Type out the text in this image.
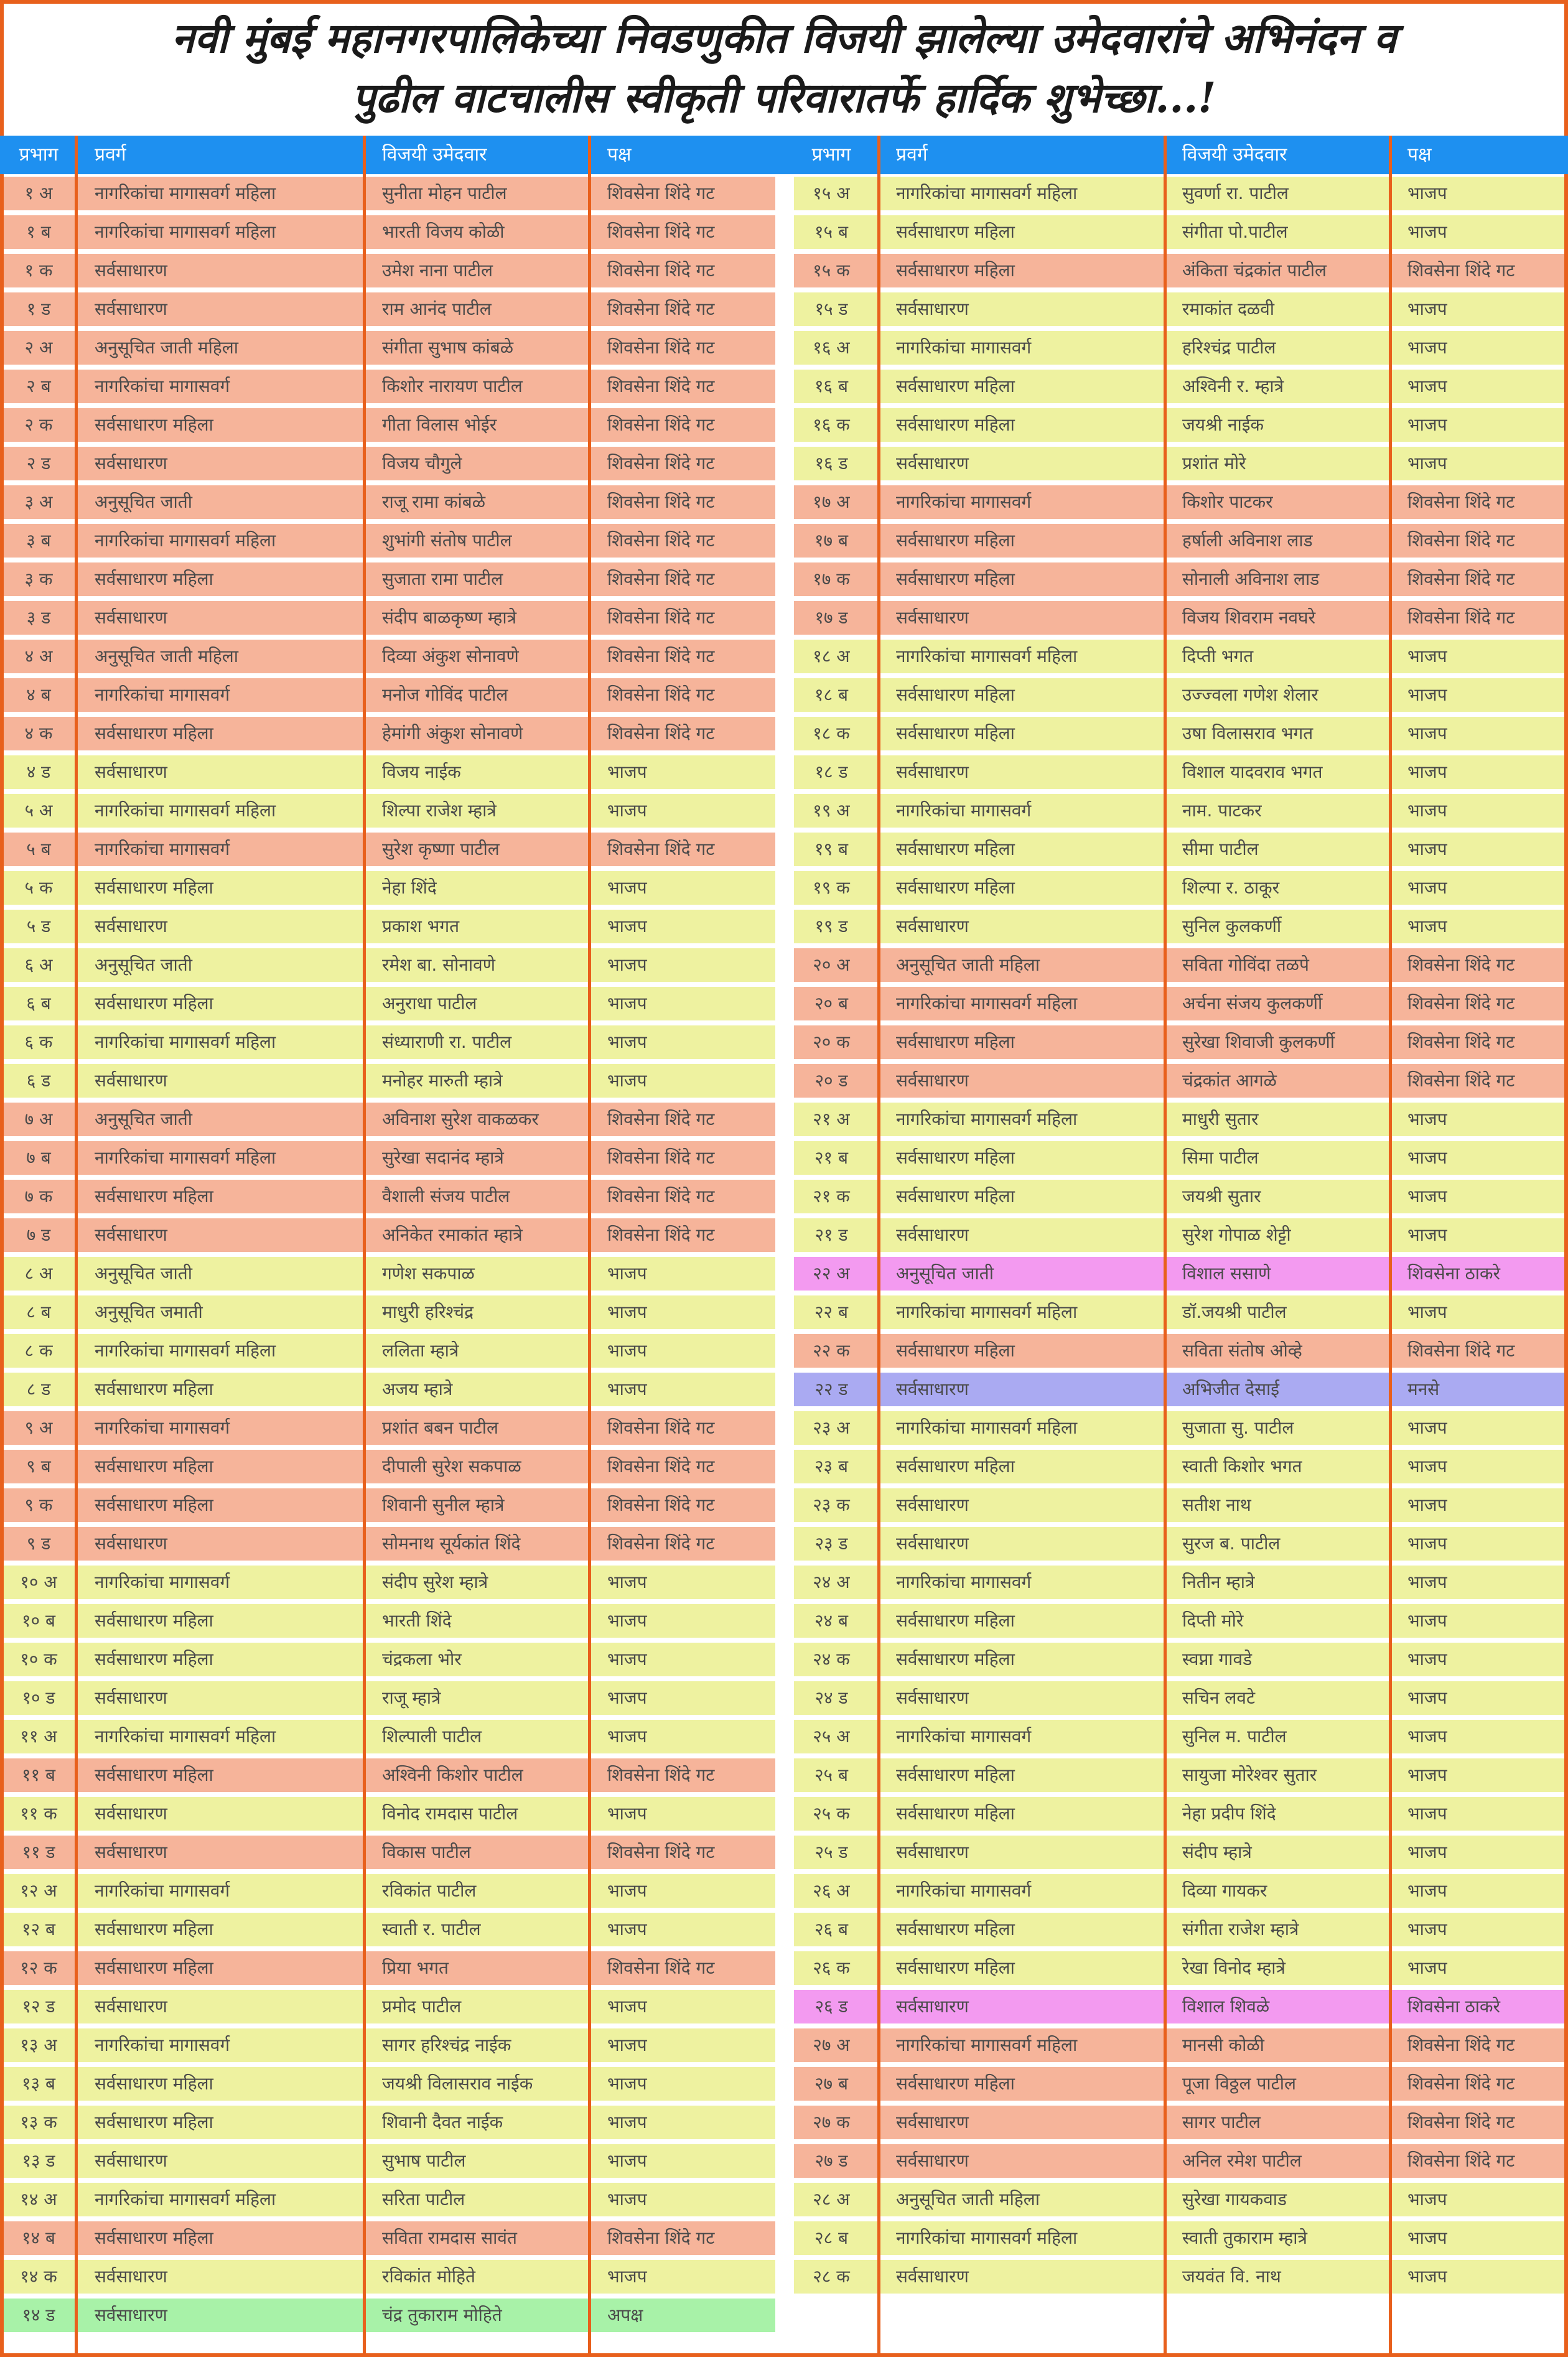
नवी मुंबई महानगरपालिकेच्या निवडणुकीत विजयी झालेल्या उमेदवारांचे अभिनंदन व
पुढील वाटचालीस स्वीकृती परिवारातर्फे हार्दिक शुभेच्छा...!
प्रभाग	प्रवर्ग	विजयी उमेदवार	पक्ष	प्रभाग	प्रवर्ग	विजयी उमेदवार	पक्ष
१ अ	नागरिकांचा मागासवर्ग महिला	सुनीता मोहन पाटील	शिवसेना शिंदे गट
१ ब	नागरिकांचा मागासवर्ग महिला	भारती विजय कोळी	शिवसेना शिंदे गट
१ क	सर्वसाधारण	उमेश नाना पाटील	शिवसेना शिंदे गट
१ ड	सर्वसाधारण	राम आनंद पाटील	शिवसेना शिंदे गट
२ अ	अनुसूचित जाती महिला	संगीता सुभाष कांबळे	शिवसेना शिंदे गट
२ ब	नागरिकांचा मागासवर्ग	किशोर नारायण पाटील	शिवसेना शिंदे गट
२ क	सर्वसाधारण महिला	गीता विलास भोईर	शिवसेना शिंदे गट
२ ड	सर्वसाधारण	विजय चौगुले	शिवसेना शिंदे गट
३ अ	अनुसूचित जाती	राजू रामा कांबळे	शिवसेना शिंदे गट
३ ब	नागरिकांचा मागासवर्ग महिला	शुभांगी संतोष पाटील	शिवसेना शिंदे गट
३ क	सर्वसाधारण महिला	सुजाता रामा पाटील	शिवसेना शिंदे गट
३ ड	सर्वसाधारण	संदीप बाळकृष्ण म्हात्रे	शिवसेना शिंदे गट
४ अ	अनुसूचित जाती महिला	दिव्या अंकुश सोनावणे	शिवसेना शिंदे गट
४ ब	नागरिकांचा मागासवर्ग	मनोज गोविंद पाटील	शिवसेना शिंदे गट
४ क	सर्वसाधारण महिला	हेमांगी अंकुश सोनावणे	शिवसेना शिंदे गट
४ ड	सर्वसाधारण	विजय नाईक	भाजप
५ अ	नागरिकांचा मागासवर्ग महिला	शिल्पा राजेश म्हात्रे	भाजप
५ ब	नागरिकांचा मागासवर्ग	सुरेश कृष्णा पाटील	शिवसेना शिंदे गट
५ क	सर्वसाधारण महिला	नेहा शिंदे	भाजप
५ ड	सर्वसाधारण	प्रकाश भगत	भाजप
६ अ	अनुसूचित जाती	रमेश बा. सोनावणे	भाजप
६ ब	सर्वसाधारण महिला	अनुराधा पाटील	भाजप
६ क	नागरिकांचा मागासवर्ग महिला	संध्याराणी रा. पाटील	भाजप
६ ड	सर्वसाधारण	मनोहर मारुती म्हात्रे	भाजप
७ अ	अनुसूचित जाती	अविनाश सुरेश वाकळकर	शिवसेना शिंदे गट
७ ब	नागरिकांचा मागासवर्ग महिला	सुरेखा सदानंद म्हात्रे	शिवसेना शिंदे गट
७ क	सर्वसाधारण महिला	वैशाली संजय पाटील	शिवसेना शिंदे गट
७ ड	सर्वसाधारण	अनिकेत रमाकांत म्हात्रे	शिवसेना शिंदे गट
८ अ	अनुसूचित जाती	गणेश सकपाळ	भाजप
८ ब	अनुसूचित जमाती	माधुरी हरिश्चंद्र	भाजप
८ क	नागरिकांचा मागासवर्ग महिला	ललिता म्हात्रे	भाजप
८ ड	सर्वसाधारण महिला	अजय म्हात्रे	भाजप
९ अ	नागरिकांचा मागासवर्ग	प्रशांत बबन पाटील	शिवसेना शिंदे गट
९ ब	सर्वसाधारण महिला	दीपाली सुरेश सकपाळ	शिवसेना शिंदे गट
९ क	सर्वसाधारण महिला	शिवानी सुनील म्हात्रे	शिवसेना शिंदे गट
९ ड	सर्वसाधारण	सोमनाथ सूर्यकांत शिंदे	शिवसेना शिंदे गट
१० अ	नागरिकांचा मागासवर्ग	संदीप सुरेश म्हात्रे	भाजप
१० ब	सर्वसाधारण महिला	भारती शिंदे	भाजप
१० क	सर्वसाधारण महिला	चंद्रकला भोर	भाजप
१० ड	सर्वसाधारण	राजू म्हात्रे	भाजप
११ अ	नागरिकांचा मागासवर्ग महिला	शिल्पाली पाटील	भाजप
११ ब	सर्वसाधारण महिला	अश्विनी किशोर पाटील	शिवसेना शिंदे गट
११ क	सर्वसाधारण	विनोद रामदास पाटील	भाजप
११ ड	सर्वसाधारण	विकास पाटील	शिवसेना शिंदे गट
१२ अ	नागरिकांचा मागासवर्ग	रविकांत पाटील	भाजप
१२ ब	सर्वसाधारण महिला	स्वाती र. पाटील	भाजप
१२ क	सर्वसाधारण महिला	प्रिया भगत	शिवसेना शिंदे गट
१२ ड	सर्वसाधारण	प्रमोद पाटील	भाजप
१३ अ	नागरिकांचा मागासवर्ग	सागर हरिश्चंद्र नाईक	भाजप
१३ ब	सर्वसाधारण महिला	जयश्री विलासराव नाईक	भाजप
१३ क	सर्वसाधारण महिला	शिवानी दैवत नाईक	भाजप
१३ ड	सर्वसाधारण	सुभाष पाटील	भाजप
१४ अ	नागरिकांचा मागासवर्ग महिला	सरिता पाटील	भाजप
१४ ब	सर्वसाधारण महिला	सविता रामदास सावंत	शिवसेना शिंदे गट
१४ क	सर्वसाधारण	रविकांत मोहिते	भाजप
१४ ड	सर्वसाधारण	चंद्र तुकाराम मोहिते	अपक्ष
१५ अ	नागरिकांचा मागासवर्ग महिला	सुवर्णा रा. पाटील	भाजप
१५ ब	सर्वसाधारण महिला	संगीता पो.पाटील	भाजप
१५ क	सर्वसाधारण महिला	अंकिता चंद्रकांत पाटील	शिवसेना शिंदे गट
१५ ड	सर्वसाधारण	रमाकांत दळवी	भाजप
१६ अ	नागरिकांचा मागासवर्ग	हरिश्चंद्र पाटील	भाजप
१६ ब	सर्वसाधारण महिला	अश्विनी र. म्हात्रे	भाजप
१६ क	सर्वसाधारण महिला	जयश्री नाईक	भाजप
१६ ड	सर्वसाधारण	प्रशांत मोरे	भाजप
१७ अ	नागरिकांचा मागासवर्ग	किशोर पाटकर	शिवसेना शिंदे गट
१७ ब	सर्वसाधारण महिला	हर्षाली अविनाश लाड	शिवसेना शिंदे गट
१७ क	सर्वसाधारण महिला	सोनाली अविनाश लाड	शिवसेना शिंदे गट
१७ ड	सर्वसाधारण	विजय शिवराम नवघरे	शिवसेना शिंदे गट
१८ अ	नागरिकांचा मागासवर्ग महिला	दिप्ती भगत	भाजप
१८ ब	सर्वसाधारण महिला	उज्ज्वला गणेश शेलार	भाजप
१८ क	सर्वसाधारण महिला	उषा विलासराव भगत	भाजप
१८ ड	सर्वसाधारण	विशाल यादवराव भगत	भाजप
१९ अ	नागरिकांचा मागासवर्ग	नाम. पाटकर	भाजप
१९ ब	सर्वसाधारण महिला	सीमा पाटील	भाजप
१९ क	सर्वसाधारण महिला	शिल्पा र. ठाकूर	भाजप
१९ ड	सर्वसाधारण	सुनिल कुलकर्णी	भाजप
२० अ	अनुसूचित जाती महिला	सविता गोविंदा तळपे	शिवसेना शिंदे गट
२० ब	नागरिकांचा मागासवर्ग महिला	अर्चना संजय कुलकर्णी	शिवसेना शिंदे गट
२० क	सर्वसाधारण महिला	सुरेखा शिवाजी कुलकर्णी	शिवसेना शिंदे गट
२० ड	सर्वसाधारण	चंद्रकांत आगळे	शिवसेना शिंदे गट
२१ अ	नागरिकांचा मागासवर्ग महिला	माधुरी सुतार	भाजप
२१ ब	सर्वसाधारण महिला	सिमा पाटील	भाजप
२१ क	सर्वसाधारण महिला	जयश्री सुतार	भाजप
२१ ड	सर्वसाधारण	सुरेश गोपाळ शेट्टी	भाजप
२२ अ	अनुसूचित जाती	विशाल ससाणे	शिवसेना ठाकरे
२२ ब	नागरिकांचा मागासवर्ग महिला	डॉ.जयश्री पाटील	भाजप
२२ क	सर्वसाधारण महिला	सविता संतोष ओव्हे	शिवसेना शिंदे गट
२२ ड	सर्वसाधारण	अभिजीत देसाई	मनसे
२३ अ	नागरिकांचा मागासवर्ग महिला	सुजाता सु. पाटील	भाजप
२३ ब	सर्वसाधारण महिला	स्वाती किशोर भगत	भाजप
२३ क	सर्वसाधारण	सतीश नाथ	भाजप
२३ ड	सर्वसाधारण	सुरज ब. पाटील	भाजप
२४ अ	नागरिकांचा मागासवर्ग	नितीन म्हात्रे	भाजप
२४ ब	सर्वसाधारण महिला	दिप्ती मोरे	भाजप
२४ क	सर्वसाधारण महिला	स्वप्ना गावडे	भाजप
२४ ड	सर्वसाधारण	सचिन लवटे	भाजप
२५ अ	नागरिकांचा मागासवर्ग	सुनिल म. पाटील	भाजप
२५ ब	सर्वसाधारण महिला	सायुजा मोरेश्वर सुतार	भाजप
२५ क	सर्वसाधारण महिला	नेहा प्रदीप शिंदे	भाजप
२५ ड	सर्वसाधारण	संदीप म्हात्रे	भाजप
२६ अ	नागरिकांचा मागासवर्ग	दिव्या गायकर	भाजप
२६ ब	सर्वसाधारण महिला	संगीता राजेश म्हात्रे	भाजप
२६ क	सर्वसाधारण महिला	रेखा विनोद म्हात्रे	भाजप
२६ ड	सर्वसाधारण	विशाल शिवळे	शिवसेना ठाकरे
२७ अ	नागरिकांचा मागासवर्ग महिला	मानसी कोळी	शिवसेना शिंदे गट
२७ ब	सर्वसाधारण महिला	पूजा विठ्ठल पाटील	शिवसेना शिंदे गट
२७ क	सर्वसाधारण	सागर पाटील	शिवसेना शिंदे गट
२७ ड	सर्वसाधारण	अनिल रमेश पाटील	शिवसेना शिंदे गट
२८ अ	अनुसूचित जाती महिला	सुरेखा गायकवाड	भाजप
२८ ब	नागरिकांचा मागासवर्ग महिला	स्वाती तुकाराम म्हात्रे	भाजप
२८ क	सर्वसाधारण	जयवंत वि. नाथ	भाजप
